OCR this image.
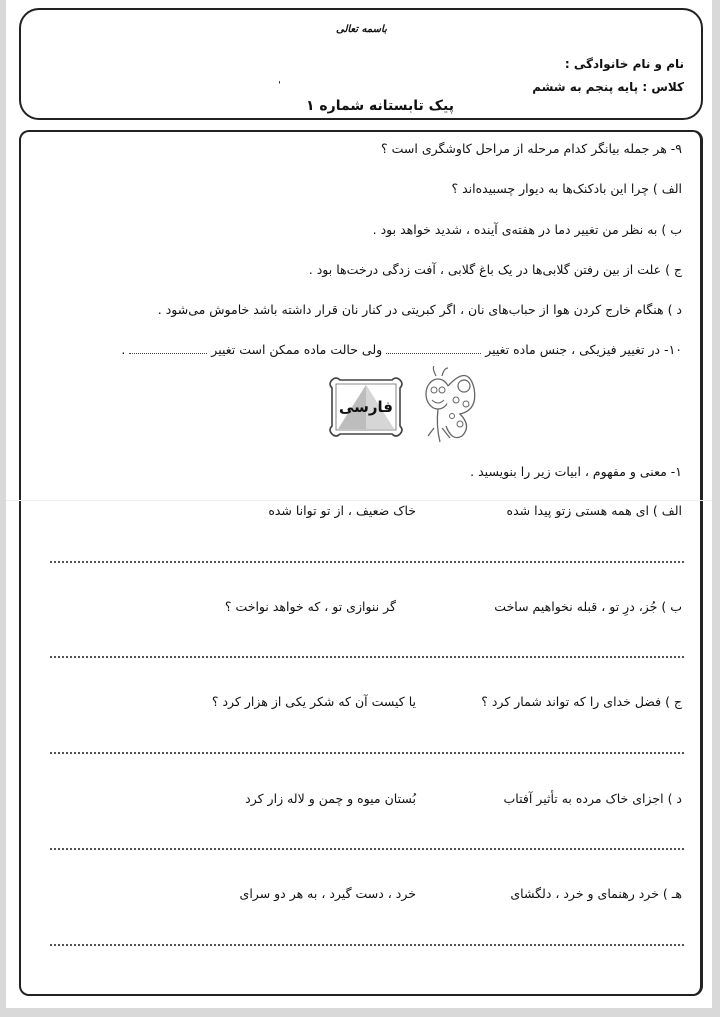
باسمه تعالی
نام و نام خانوادگی :
کلاس : پایه پنجم به ششم
'
پیک تابستانه شماره ۱
۹- هر جمله بیانگر کدام مرحله از مراحل کاوشگری است ؟
الف ) چرا این بادکنک‌ها به دیوار چسبیده‌اند ؟
ب ) به نظر من تغییر دما در هفته‌ی آینده ، شدید خواهد بود .
ج ) علت از بین رفتن گلابی‌ها در یک باغ گلابی ، آفت زدگی درخت‌ها بود .
د ) هنگام خارج کردن هوا از حباب‌های نان ، اگر کبریتی در کنار نان قرار داشته باشد خاموش می‌شود .
۱۰- در تغییر فیزیکی ، جنس ماده تغییر
ولی حالت ماده ممکن است تغییر
.
فارسی
۱- معنی و مفهوم ، ابیات زیر را بنویسید .
الف ) ای همه هستی زتو پیدا شده
خاک ضعیف ، از تو توانا شده
ب ) جُز، درِ تو ، قبله نخواهیم ساخت
گر ننوازی تو ، که خواهد نواخت ؟
ج ) فضل خدای را که تواند شمار کرد ؟
یا کیست آن که شکر یکی از هزار کرد ؟
د ) اجزای خاک مرده به تأثیر آفتاب
بُستان میوه و چمن و لاله زار کرد
هـ ) خرد رهنمای و خرد ، دلگشای
خرد ، دست گیرد ، به هر دو سرای
